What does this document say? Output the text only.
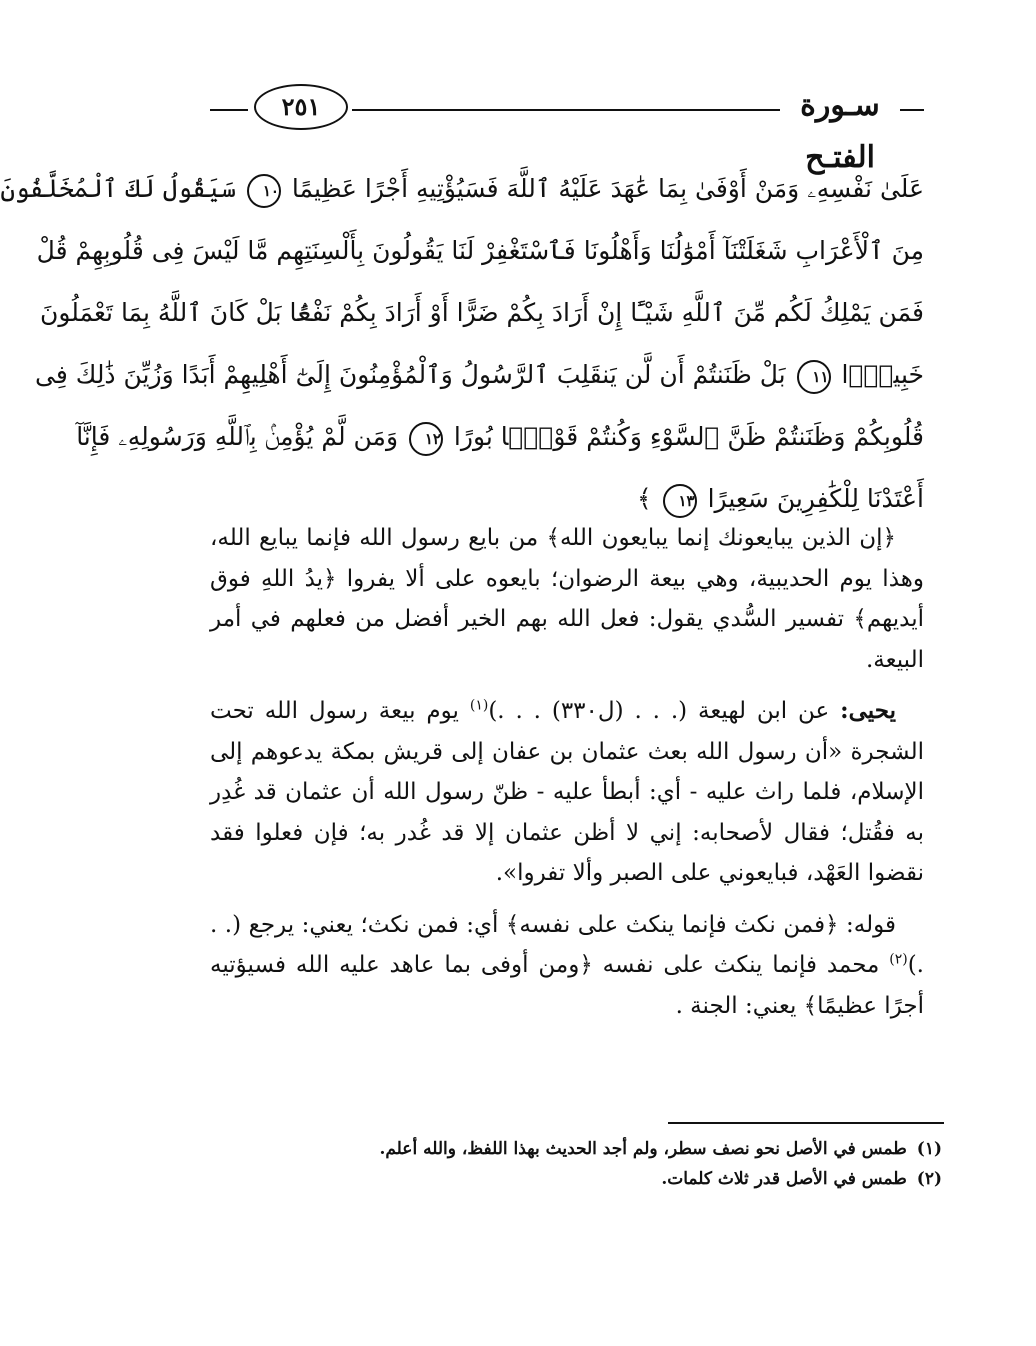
٢٥١	سـورة الفتـح
عَلَىٰ نَفْسِهِۦ وَمَنْ أَوْفَىٰ بِمَا عَٰهَدَ عَلَيْهُ ٱللَّهَ فَسَيُؤْتِيهِ أَجْرًا عَظِيمًا ١٠ سَيَقُولُ لَكَ ٱلْمُخَلَّفُونَ
مِنَ ٱلْأَعْرَابِ شَغَلَتْنَآ أَمْوَٰلُنَا وَأَهْلُونَا فَٱسْتَغْفِرْ لَنَا يَقُولُونَ بِأَلْسِنَتِهِم مَّا لَيْسَ فِى قُلُوبِهِمْ قُلْ
فَمَن يَمْلِكُ لَكُم مِّنَ ٱللَّهِ شَيْـًٔا إِنْ أَرَادَ بِكُمْ ضَرًّا أَوْ أَرَادَ بِكُمْ نَفْعًۢا بَلْ كَانَ ٱللَّهُ بِمَا تَعْمَلُونَ
خَبِيرًۢا ١١ بَلْ ظَنَنتُمْ أَن لَّن يَنقَلِبَ ٱلرَّسُولُ وَٱلْمُؤْمِنُونَ إِلَىٰٓ أَهْلِيهِمْ أَبَدًا وَزُيِّنَ ذَٰلِكَ فِى
قُلُوبِكُمْ وَظَنَنتُمْ ظَنَّ ٱلسَّوْءِ وَكُنتُمْ قَوْمًۢا بُورًا ١٢ وَمَن لَّمْ يُؤْمِنۢ بِٱللَّهِ وَرَسُولِهِۦ فَإِنَّآ
أَعْتَدْنَا لِلْكَٰفِرِينَ سَعِيرًا ١٣ ﴾

﴿إن الذين يبايعونك إنما يبايعون الله﴾ من بايع رسول الله فإنما يبايع الله، وهذا يوم الحديبية، وهي بيعة الرضوان؛ بايعوه على ألا يفروا ﴿يدُ اللهِ فوق أيديهم﴾ تفسير السُّدي يقول: فعل الله بهم الخير أفضل من فعلهم في أمر البيعة.

يحيى: عن ابن لهيعة (. . . (ل٣٣٠) . . .)$^{(١)}$ يوم بيعة رسول الله تحت الشجرة «أن رسول الله بعث عثمان بن عفان إلى قريش بمكة يدعوهم إلى الإسلام، فلما راث عليه - أي: أبطأ عليه - ظنّ رسول الله أن عثمان قد غُدِر به فقُتل؛ فقال لأصحابه: إني لا أظن عثمان إلا قد غُدر به؛ فإن فعلوا فقد نقضوا العَهْد، فبايعوني على الصبر وألا تفروا».

قوله: ﴿فمن نكث فإنما ينكث على نفسه﴾ أي: فمن نكث؛ يعني: يرجع (. . .)$^{(٢)}$ محمد فإنما ينكث على نفسه ﴿ومن أوفى بما عاهد عليه الله فسيؤتيه أجرًا عظيمًا﴾ يعني: الجنة .

(١)طمس في الأصل نحو نصف سطر، ولم أجد الحديث بهذا اللفظ، والله أعلم.
(٢)طمس في الأصل قدر ثلاث كلمات.
